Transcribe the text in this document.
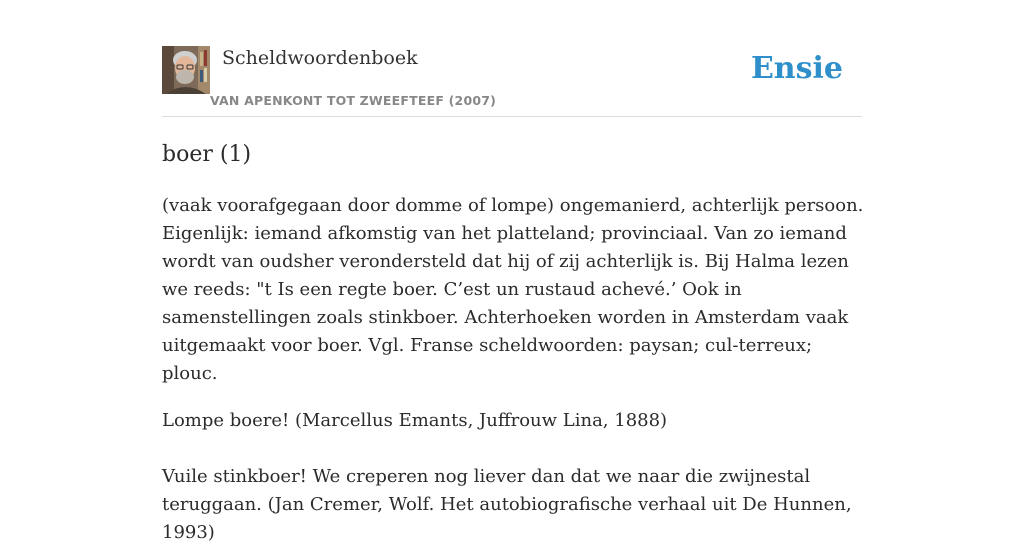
Scheldwoordenboek
VAN APENKONT TOT ZWEEFTEEF (2007)
Ensie
boer (1)

(vaak voorafgegaan door domme of lompe) ongemanierd, achterlijk persoon. Eigenlijk: iemand afkomstig van het platteland; provinciaal. Van zo iemand wordt van oudsher verondersteld dat hij of zij achterlijk is. Bij Halma lezen we reeds: "t Is een regte boer. C’est un rustaud achevé.’ Ook in samenstellingen zoals stinkboer. Achterhoeken worden in Amsterdam vaak uitgemaakt voor boer. Vgl. Franse scheldwoorden: paysan; cul-terreux; plouc.

Lompe boere! (Marcellus Emants, Juffrouw Lina, 1888)

Vuile stinkboer! We creperen nog liever dan dat we naar die zwijnestal teruggaan. (Jan Cremer, Wolf. Het autobiografische verhaal uit De Hunnen, 1993)
